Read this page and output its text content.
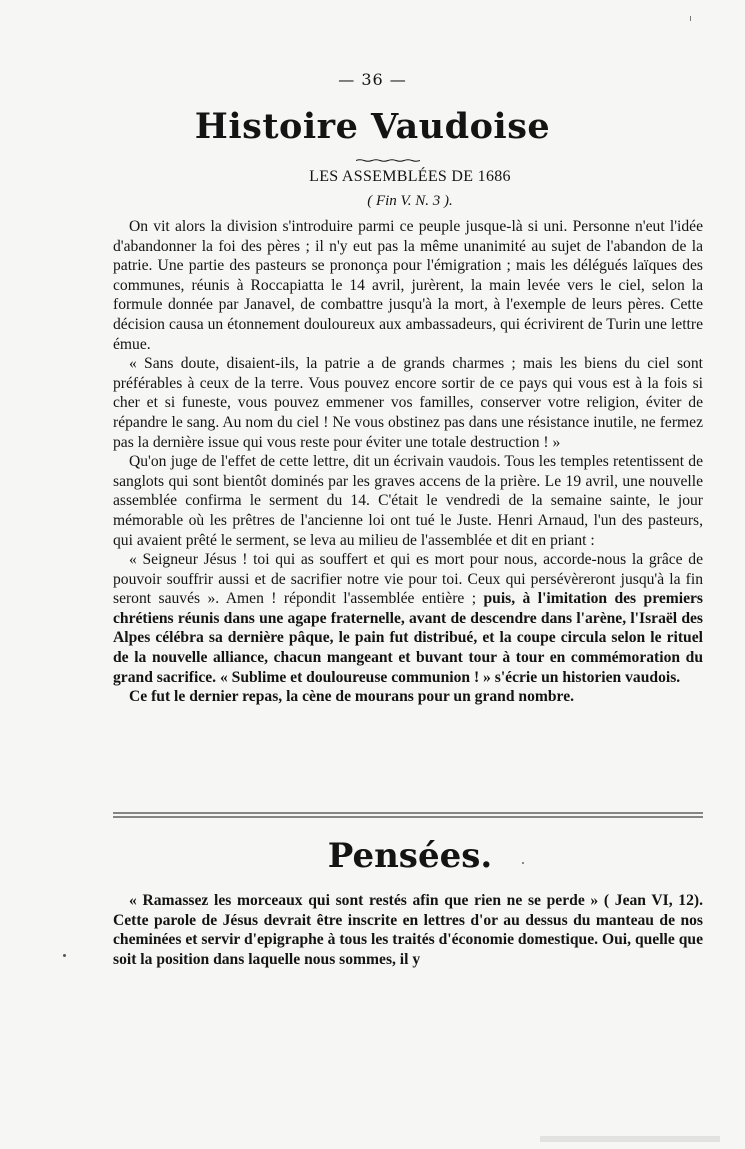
— 36 —
Histoire Vaudoise
LES ASSEMBLÉES DE 1686
( Fin V. N. 3 ).

On vit alors la division s'introduire parmi ce peuple jusque-là si uni. Personne n'eut l'idée d'abandonner la foi des pères ; il n'y eut pas la même unanimité au sujet de l'abandon de la patrie. Une partie des pasteurs se prononça pour l'émigration ; mais les délégués laïques des communes, réunis à Roccapiatta le 14 avril, jurèrent, la main levée vers le ciel, selon la formule donnée par Janavel, de combattre jusqu'à la mort, à l'exemple de leurs pères. Cette décision causa un étonnement douloureux aux ambassadeurs, qui écrivirent de Turin une lettre émue.

« Sans doute, disaient-ils, la patrie a de grands charmes ; mais les biens du ciel sont préférables à ceux de la terre. Vous pouvez encore sortir de ce pays qui vous est à la fois si cher et si funeste, vous pouvez emmener vos familles, conserver votre religion, éviter de répandre le sang. Au nom du ciel ! Ne vous obstinez pas dans une résistance inutile, ne fermez pas la dernière issue qui vous reste pour éviter une totale destruction ! »

Qu'on juge de l'effet de cette lettre, dit un écrivain vaudois. Tous les temples retentissent de sanglots qui sont bientôt dominés par les graves accens de la prière. Le 19 avril, une nouvelle assemblée confirma le serment du 14. C'était le vendredi de la semaine sainte, le jour mémorable où les prêtres de l'ancienne loi ont tué le Juste. Henri Arnaud, l'un des pasteurs, qui avaient prêté le serment, se leva au milieu de l'assemblée et dit en priant :

« Seigneur Jésus ! toi qui as souffert et qui es mort pour nous, accorde-nous la grâce de pouvoir souffrir aussi et de sacrifier notre vie pour toi. Ceux qui persévèreront jusqu'à la fin seront sauvés ». Amen ! répondit l'assemblée entière ; puis, à l'imitation des premiers chrétiens réunis dans une agape fraternelle, avant de descendre dans l'arène, l'Israël des Alpes célébra sa dernière pâque, le pain fut distribué, et la coupe circula selon le rituel de la nouvelle alliance, chacun mangeant et buvant tour à tour en commémoration du grand sacrifice. « Sublime et douloureuse communion ! » s'écrie un historien vaudois.

Ce fut le dernier repas, la cène de mourans pour un grand nombre.

Pensées.

« Ramassez les morceaux qui sont restés afin que rien ne se perde » ( Jean VI, 12). Cette parole de Jésus devrait être inscrite en lettres d'or au dessus du manteau de nos cheminées et servir d'epigraphe à tous les traités d'économie domestique. Oui, quelle que soit la position dans laquelle nous sommes, il y
